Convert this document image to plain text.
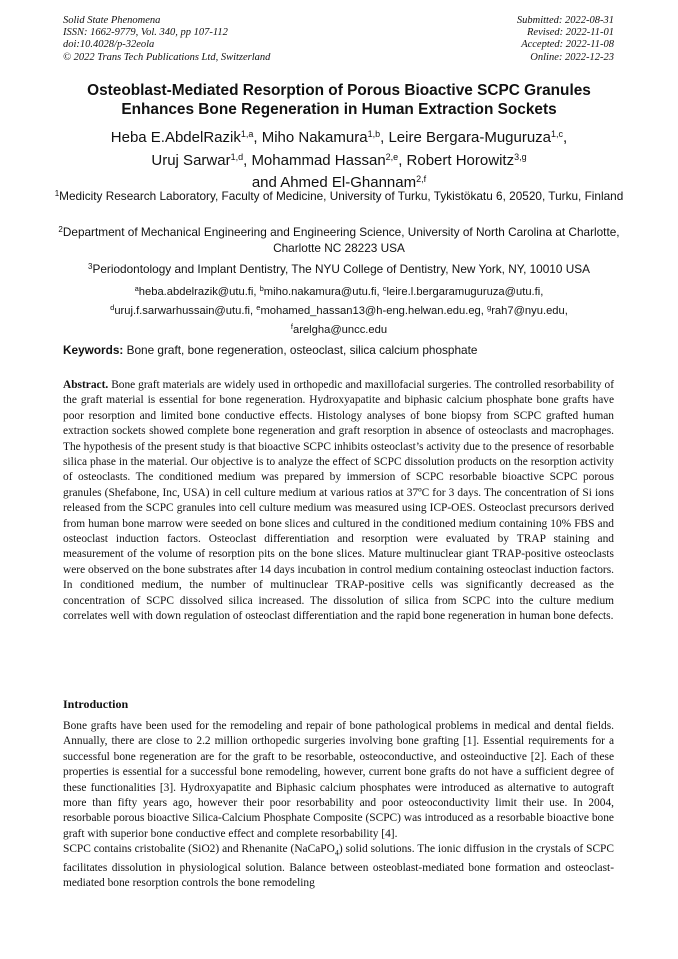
Solid State Phenomena
ISSN: 1662-9779, Vol. 340, pp 107-112
doi:10.4028/p-32eola
© 2022 Trans Tech Publications Ltd, Switzerland
Submitted: 2022-08-31
Revised: 2022-11-01
Accepted: 2022-11-08
Online: 2022-12-23
Osteoblast-Mediated Resorption of Porous Bioactive SCPC Granules
Enhances Bone Regeneration in Human Extraction Sockets
Heba E.AbdelRazik$^{1,a}$, Miho Nakamura$^{1,b}$, Leire Bergara-Muguruza$^{1,c}$,
Uruj Sarwar$^{1,d}$, Mohammad Hassan$^{2,e}$, Robert Horowitz$^{3,g}$
and Ahmed El-Ghannam$^{2,f}$
$^1$Medicity Research Laboratory, Faculty of Medicine, University of Turku, Tykistökatu 6, 20520, Turku, Finland
$^2$Department of Mechanical Engineering and Engineering Science, University of North Carolina at Charlotte, Charlotte NC 28223 USA
$^3$Periodontology and Implant Dentistry, The NYU College of Dentistry, New York, NY, 10010 USA
$^a$heba.abdelrazik@utu.fi, $^b$miho.nakamura@utu.fi, $^c$leire.l.bergaramuguruza@utu.fi,
$^d$uruj.f.sarwarhussain@utu.fi, $^e$mohamed_hassan13@h-eng.helwan.edu.eg, $^g$rah7@nyu.edu,
$^f$arelgha@uncc.edu
Keywords: Bone graft, bone regeneration, osteoclast, silica calcium phosphate
Abstract. Bone graft materials are widely used in orthopedic and maxillofacial surgeries. The controlled resorbability of the graft material is essential for bone regeneration. Hydroxyapatite and biphasic calcium phosphate bone grafts have poor resorption and limited bone conductive effects. Histology analyses of bone biopsy from SCPC grafted human extraction sockets showed complete bone regeneration and graft resorption in absence of osteoclasts and macrophages. The hypothesis of the present study is that bioactive SCPC inhibits osteoclast’s activity due to the presence of resorbable silica phase in the material. Our objective is to analyze the effect of SCPC dissolution products on the resorption activity of osteoclasts. The conditioned medium was prepared by immersion of SCPC resorbable bioactive SCPC porous granules (Shefabone, Inc, USA) in cell culture medium at various ratios at 37ºC for 3 days. The concentration of Si ions released from the SCPC granules into cell culture medium was measured using ICP-OES. Osteoclast precursors derived from human bone marrow were seeded on bone slices and cultured in the conditioned medium containing 10% FBS and osteoclast induction factors. Osteoclast differentiation and resorption were evaluated by TRAP staining and measurement of the volume of resorption pits on the bone slices. Mature multinuclear giant TRAP-positive osteoclasts were observed on the bone substrates after 14 days incubation in control medium containing osteoclast induction factors. In conditioned medium, the number of multinuclear TRAP-positive cells was significantly decreased as the concentration of SCPC dissolved silica increased. The dissolution of silica from SCPC into the culture medium correlates well with down regulation of osteoclast differentiation and the rapid bone regeneration in human bone defects.
Introduction
Bone grafts have been used for the remodeling and repair of bone pathological problems in medical and dental fields. Annually, there are close to 2.2 million orthopedic surgeries involving bone grafting [1]. Essential requirements for a successful bone regeneration are for the graft to be resorbable, osteoconductive, and osteoinductive [2]. Each of these properties is essential for a successful bone remodeling, however, current bone grafts do not have a sufficient degree of these functionalities [3]. Hydroxyapatite and Biphasic calcium phosphates were introduced as alternative to autograft more than fifty years ago, however their poor resorbability and poor osteoconductivity limit their use. In 2004, resorbable porous bioactive Silica-Calcium Phosphate Composite (SCPC) was introduced as a resorbable bioactive bone graft with superior bone conductive effect and complete resorbability [4].
SCPC contains cristobalite (SiO2) and Rhenanite (NaCaPO$_4$) solid solutions. The ionic diffusion in the crystals of SCPC facilitates dissolution in physiological solution. Balance between osteoblast-mediated bone formation and osteoclast-mediated bone resorption controls the bone remodeling
